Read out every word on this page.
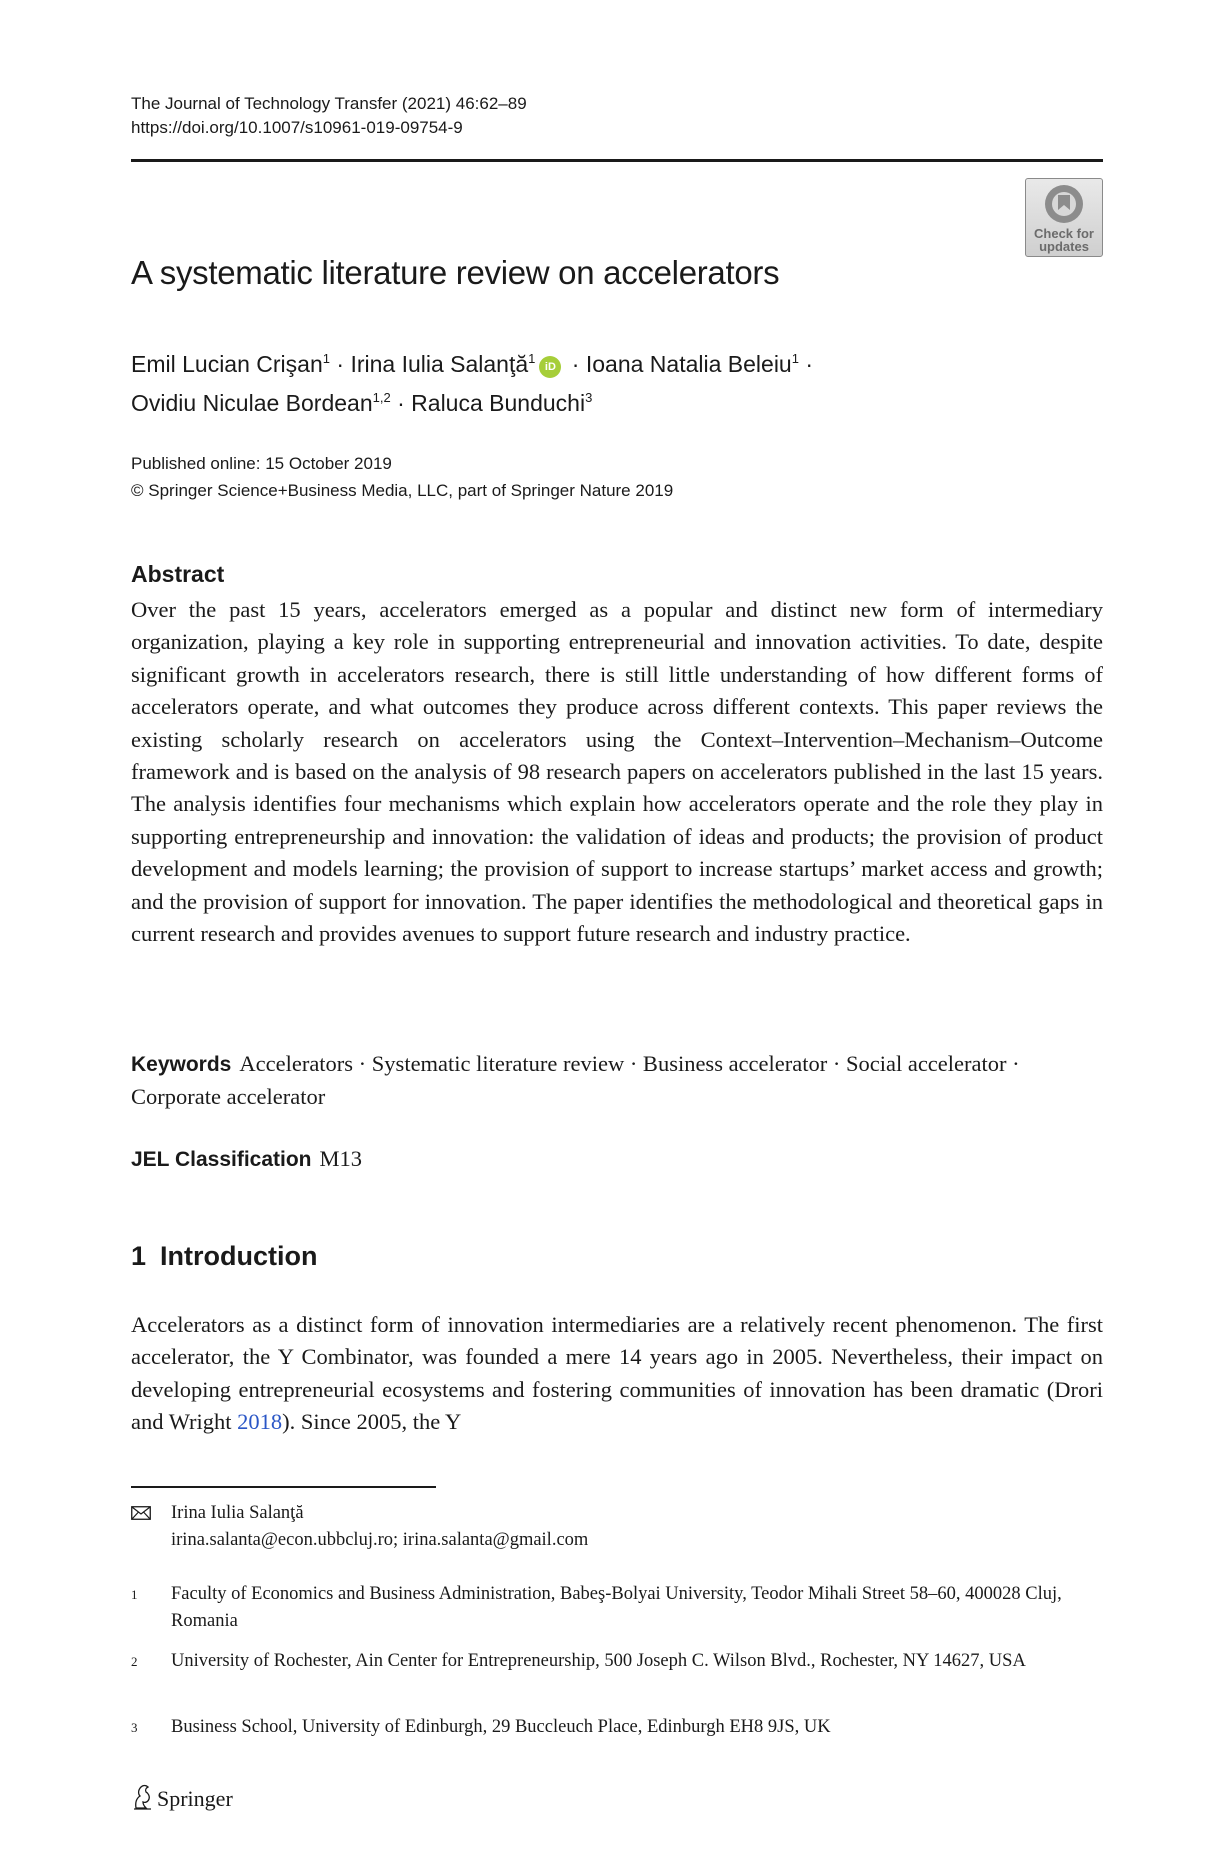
The Journal of Technology Transfer (2021) 46:62–89
https://doi.org/10.1007/s10961-019-09754-9
Check for
updates
A systematic literature review on accelerators
Emil Lucian Crişan$^1$ · Irina Iulia Salanţă$^1$iD · Ioana Natalia Beleiu$^1$ ·
Ovidiu Niculae Bordean$^{1,2}$ · Raluca Bunduchi$^3$
Published online: 15 October 2019
© Springer Science+Business Media, LLC, part of Springer Nature 2019
Abstract
Over the past 15 years, accelerators emerged as a popular and distinct new form of intermediary organization, playing a key role in supporting entrepreneurial and innovation activities. To date, despite significant growth in accelerators research, there is still little understanding of how different forms of accelerators operate, and what outcomes they produce across different contexts. This paper reviews the existing scholarly research on accelerators using the Context–Intervention–Mechanism–Outcome framework and is based on the analysis of 98 research papers on accelerators published in the last 15 years. The analysis identifies four mechanisms which explain how accelerators operate and the role they play in supporting entrepreneurship and innovation: the validation of ideas and products; the provision of product development and models learning; the provision of support to increase startups’ market access and growth; and the provision of support for innovation. The paper identifies the methodological and theoretical gaps in current research and provides avenues to support future research and industry practice.
Keywords Accelerators · Systematic literature review · Business accelerator · Social accelerator · Corporate accelerator
JEL Classification M13
1 Introduction
Accelerators as a distinct form of innovation intermediaries are a relatively recent phenomenon. The first accelerator, the Y Combinator, was founded a mere 14 years ago in 2005. Nevertheless, their impact on developing entrepreneurial ecosystems and fostering communities of innovation has been dramatic (Drori and Wright 2018). Since 2005, the Y
Irina Iulia Salanţă
irina.salanta@econ.ubbcluj.ro; irina.salanta@gmail.com
1 Faculty of Economics and Business Administration, Babeş-Bolyai University, Teodor Mihali Street 58–60, 400028 Cluj, Romania
2 University of Rochester, Ain Center for Entrepreneurship, 500 Joseph C. Wilson Blvd., Rochester, NY 14627, USA
3 Business School, University of Edinburgh, 29 Buccleuch Place, Edinburgh EH8 9JS, UK
Springer
